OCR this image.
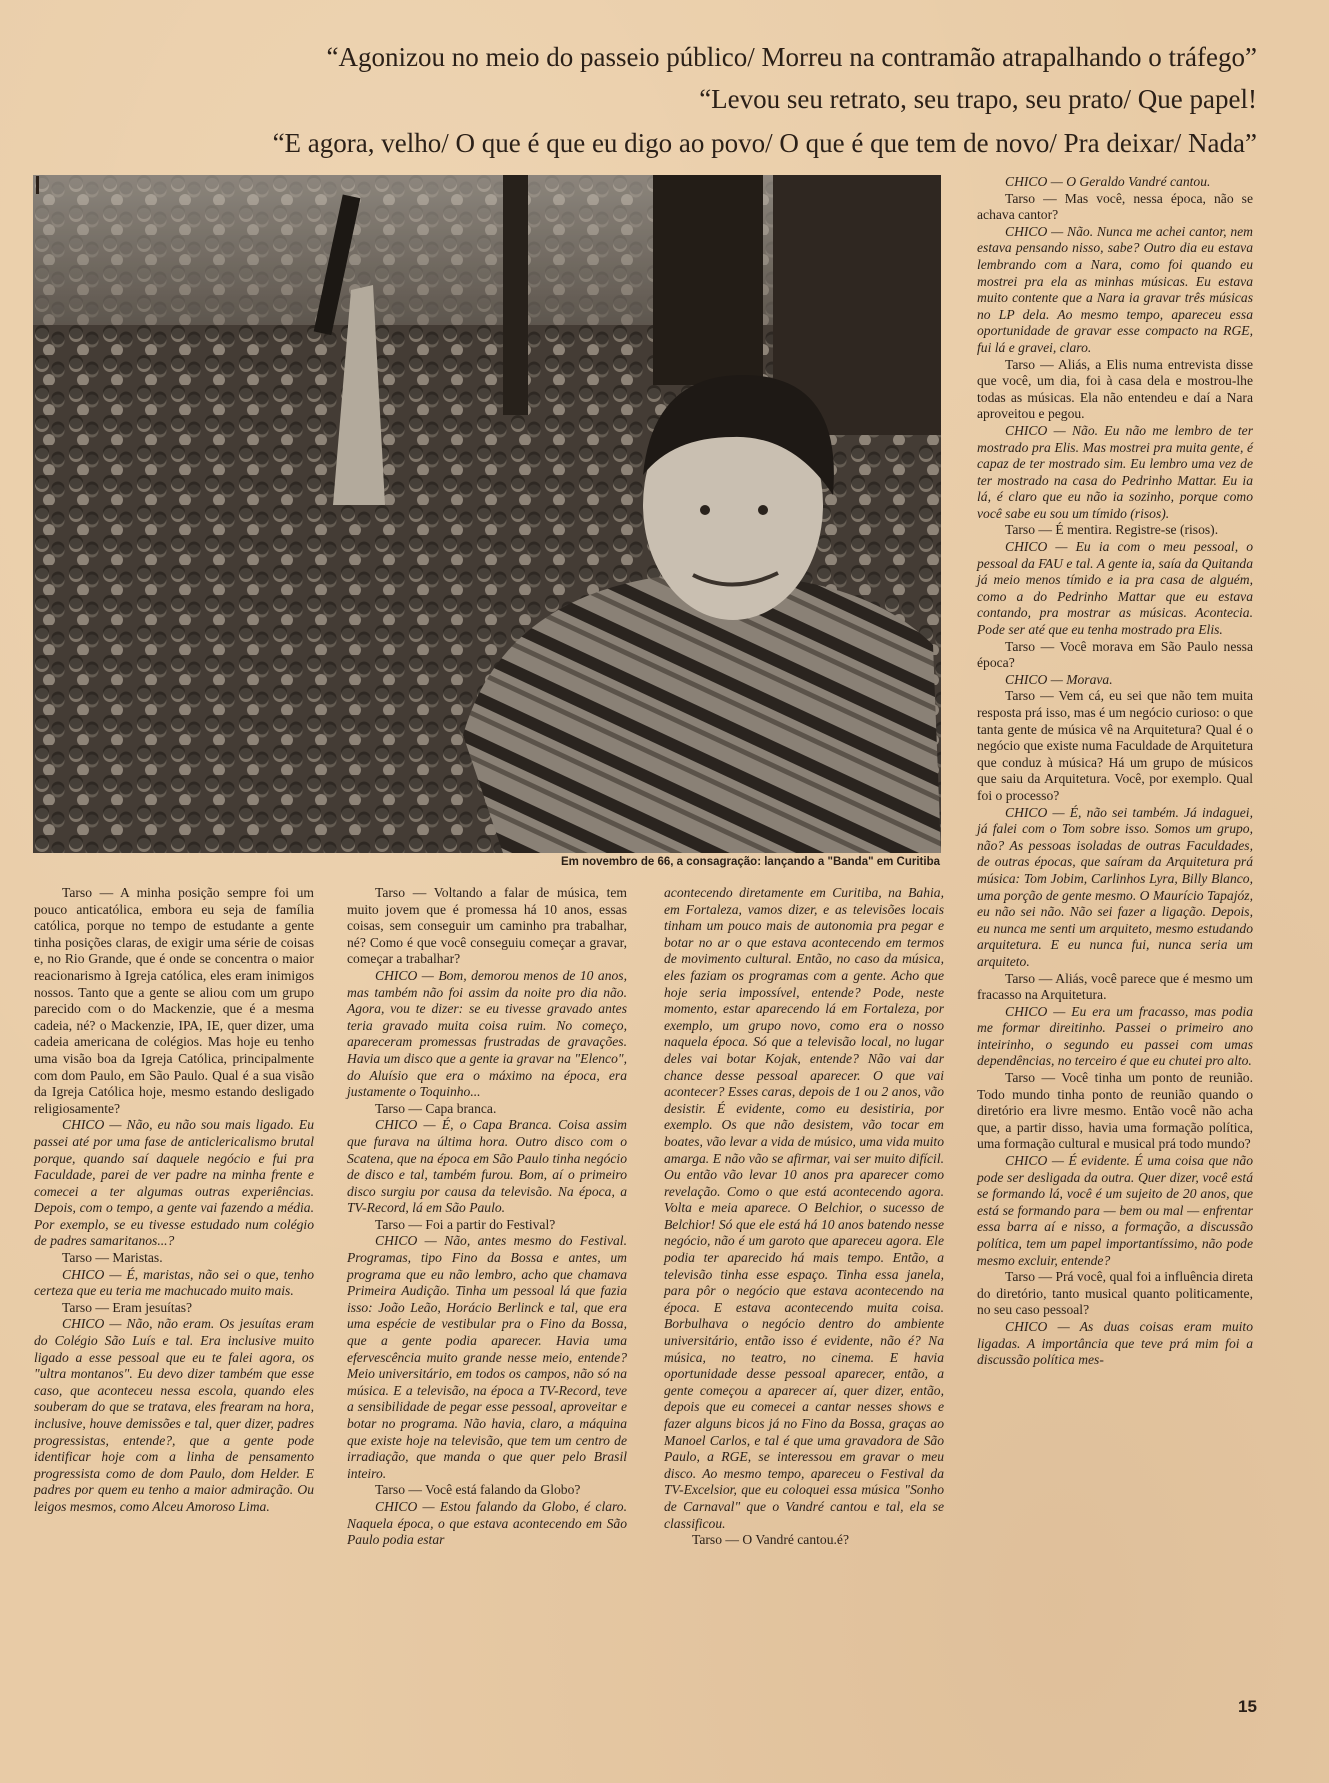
“Agonizou no meio do passeio público/ Morreu na contramão atrapalhando o tráfego”
“Levou seu retrato, seu trapo, seu prato/ Que papel!
“E agora, velho/ O que é que eu digo ao povo/ O que é que tem de novo/ Pra deixar/ Nada”
Em novembro de 66, a consagração: lançando a "Banda" em Curitiba

Tarso — A minha posição sempre foi um pouco anticatólica, embora eu seja de família católica, porque no tempo de estudante a gente tinha posições claras, de exigir uma série de coisas e, no Rio Grande, que é onde se concentra o maior reacionarismo à Igreja católica, eles eram inimigos nossos. Tanto que a gente se aliou com um grupo parecido com o do Mackenzie, que é a mesma cadeia, né? o Mackenzie, IPA, IE, quer dizer, uma cadeia americana de colégios. Mas hoje eu tenho uma visão boa da Igreja Católica, principalmente com dom Paulo, em São Paulo. Qual é a sua visão da Igreja Católica hoje, mesmo estando desligado religiosamente?

CHICO — Não, eu não sou mais ligado. Eu passei até por uma fase de anticlericalismo brutal porque, quando saí daquele negócio e fui pra Faculdade, parei de ver padre na minha frente e comecei a ter algumas outras experiências. Depois, com o tempo, a gente vai fazendo a média. Por exemplo, se eu tivesse estudado num colégio de padres samaritanos...?

Tarso — Maristas.

CHICO — É, maristas, não sei o que, tenho certeza que eu teria me machucado muito mais.

Tarso — Eram jesuítas?

CHICO — Não, não eram. Os jesuítas eram do Colégio São Luís e tal. Era inclusive muito ligado a esse pessoal que eu te falei agora, os "ultra montanos". Eu devo dizer também que esse caso, que aconteceu nessa escola, quando eles souberam do que se tratava, eles frearam na hora, inclusive, houve demissões e tal, quer dizer, padres progressistas, entende?, que a gente pode identificar hoje com a linha de pensamento progressista como de dom Paulo, dom Helder. E padres por quem eu tenho a maior admiração. Ou leigos mesmos, como Alceu Amoroso Lima.

Tarso — Voltando a falar de música, tem muito jovem que é promessa há 10 anos, essas coisas, sem conseguir um caminho pra trabalhar, né? Como é que você conseguiu começar a gravar, começar a trabalhar?

CHICO — Bom, demorou menos de 10 anos, mas também não foi assim da noite pro dia não. Agora, vou te dizer: se eu tivesse gravado antes teria gravado muita coisa ruim. No começo, apareceram promessas frustradas de gravações. Havia um disco que a gente ia gravar na "Elenco", do Aluísio que era o máximo na época, era justamente o Toquinho...

Tarso — Capa branca.

CHICO — É, o Capa Branca. Coisa assim que furava na última hora. Outro disco com o Scatena, que na época em São Paulo tinha negócio de disco e tal, também furou. Bom, aí o primeiro disco surgiu por causa da televisão. Na época, a TV-Record, lá em São Paulo.

Tarso — Foi a partir do Festival?

CHICO — Não, antes mesmo do Festival. Programas, tipo Fino da Bossa e antes, um programa que eu não lembro, acho que chamava Primeira Audição. Tinha um pessoal lá que fazia isso: João Leão, Horácio Berlinck e tal, que era uma espécie de vestibular pra o Fino da Bossa, que a gente podia aparecer. Havia uma efervescência muito grande nesse meio, entende? Meio universitário, em todos os campos, não só na música. E a televisão, na época a TV-Record, teve a sensibilidade de pegar esse pessoal, aproveitar e botar no programa. Não havia, claro, a máquina que existe hoje na televisão, que tem um centro de irradiação, que manda o que quer pelo Brasil inteiro.

Tarso — Você está falando da Globo?

CHICO — Estou falando da Globo, é claro. Naquela época, o que estava acontecendo em São Paulo podia estar

acontecendo diretamente em Curitiba, na Bahia, em Fortaleza, vamos dizer, e as televisões locais tinham um pouco mais de autonomia pra pegar e botar no ar o que estava acontecendo em termos de movimento cultural. Então, no caso da música, eles faziam os programas com a gente. Acho que hoje seria impossível, entende? Pode, neste momento, estar aparecendo lá em Fortaleza, por exemplo, um grupo novo, como era o nosso naquela época. Só que a televisão local, no lugar deles vai botar Kojak, entende? Não vai dar chance desse pessoal aparecer. O que vai acontecer? Esses caras, depois de 1 ou 2 anos, vão desistir. É evidente, como eu desistiria, por exemplo. Os que não desistem, vão tocar em boates, vão levar a vida de músico, uma vida muito amarga. E não vão se afirmar, vai ser muito difícil. Ou então vão levar 10 anos pra aparecer como revelação. Como o que está acontecendo agora. Volta e meia aparece. O Belchior, o sucesso de Belchior! Só que ele está há 10 anos batendo nesse negócio, não é um garoto que apareceu agora. Ele podia ter aparecido há mais tempo. Então, a televisão tinha esse espaço. Tinha essa janela, para pôr o negócio que estava acontecendo na época. E estava acontecendo muita coisa. Borbulhava o negócio dentro do ambiente universitário, então isso é evidente, não é? Na música, no teatro, no cinema. E havia oportunidade desse pessoal aparecer, então, a gente começou a aparecer aí, quer dizer, então, depois que eu comecei a cantar nesses shows e fazer alguns bicos já no Fino da Bossa, graças ao Manoel Carlos, e tal é que uma gravadora de São Paulo, a RGE, se interessou em gravar o meu disco. Ao mesmo tempo, apareceu o Festival da TV-Excelsior, que eu coloquei essa música "Sonho de Carnaval" que o Vandré cantou e tal, ela se classificou.

Tarso — O Vandré cantou.é?

CHICO — O Geraldo Vandré cantou.

Tarso — Mas você, nessa época, não se achava cantor?

CHICO — Não. Nunca me achei cantor, nem estava pensando nisso, sabe? Outro dia eu estava lembrando com a Nara, como foi quando eu mostrei pra ela as minhas músicas. Eu estava muito contente que a Nara ia gravar três músicas no LP dela. Ao mesmo tempo, apareceu essa oportunidade de gravar esse compacto na RGE, fui lá e gravei, claro.

Tarso — Aliás, a Elis numa entrevista disse que você, um dia, foi à casa dela e mostrou-lhe todas as músicas. Ela não entendeu e daí a Nara aproveitou e pegou.

CHICO — Não. Eu não me lembro de ter mostrado pra Elis. Mas mostrei pra muita gente, é capaz de ter mostrado sim. Eu lembro uma vez de ter mostrado na casa do Pedrinho Mattar. Eu ia lá, é claro que eu não ia sozinho, porque como você sabe eu sou um tímido (risos).

Tarso — É mentira. Registre-se (risos).

CHICO — Eu ia com o meu pessoal, o pessoal da FAU e tal. A gente ia, saía da Quitanda já meio menos tímido e ia pra casa de alguém, como a do Pedrinho Mattar que eu estava contando, pra mostrar as músicas. Acontecia. Pode ser até que eu tenha mostrado pra Elis.

Tarso — Você morava em São Paulo nessa época?

CHICO — Morava.

Tarso — Vem cá, eu sei que não tem muita resposta prá isso, mas é um negócio curioso: o que tanta gente de música vê na Arquitetura? Qual é o negócio que existe numa Faculdade de Arquitetura que conduz à música? Há um grupo de músicos que saiu da Arquitetura. Você, por exemplo. Qual foi o processo?

CHICO — É, não sei também. Já indaguei, já falei com o Tom sobre isso. Somos um grupo, não? As pessoas isoladas de outras Faculdades, de outras épocas, que saíram da Arquitetura prá música: Tom Jobim, Carlinhos Lyra, Billy Blanco, uma porção de gente mesmo. O Maurício Tapajóz, eu não sei não. Não sei fazer a ligação. Depois, eu nunca me senti um arquiteto, mesmo estudando arquitetura. E eu nunca fui, nunca seria um arquiteto.

Tarso — Aliás, você parece que é mesmo um fracasso na Arquitetura.

CHICO — Eu era um fracasso, mas podia me formar direitinho. Passei o primeiro ano inteirinho, o segundo eu passei com umas dependências, no terceiro é que eu chutei pro alto.

Tarso — Você tinha um ponto de reunião. Todo mundo tinha ponto de reunião quando o diretório era livre mesmo. Então você não acha que, a partir disso, havia uma formação política, uma formação cultural e musical prá todo mundo?

CHICO — É evidente. É uma coisa que não pode ser desligada da outra. Quer dizer, você está se formando lá, você é um sujeito de 20 anos, que está se formando para — bem ou mal — enfrentar essa barra aí e nisso, a formação, a discussão política, tem um papel importantíssimo, não pode mesmo excluir, entende?

Tarso — Prá você, qual foi a influência direta do diretório, tanto musical quanto politicamente, no seu caso pessoal?

CHICO — As duas coisas eram muito ligadas. A importância que teve prá mim foi a discussão política mes-

15
